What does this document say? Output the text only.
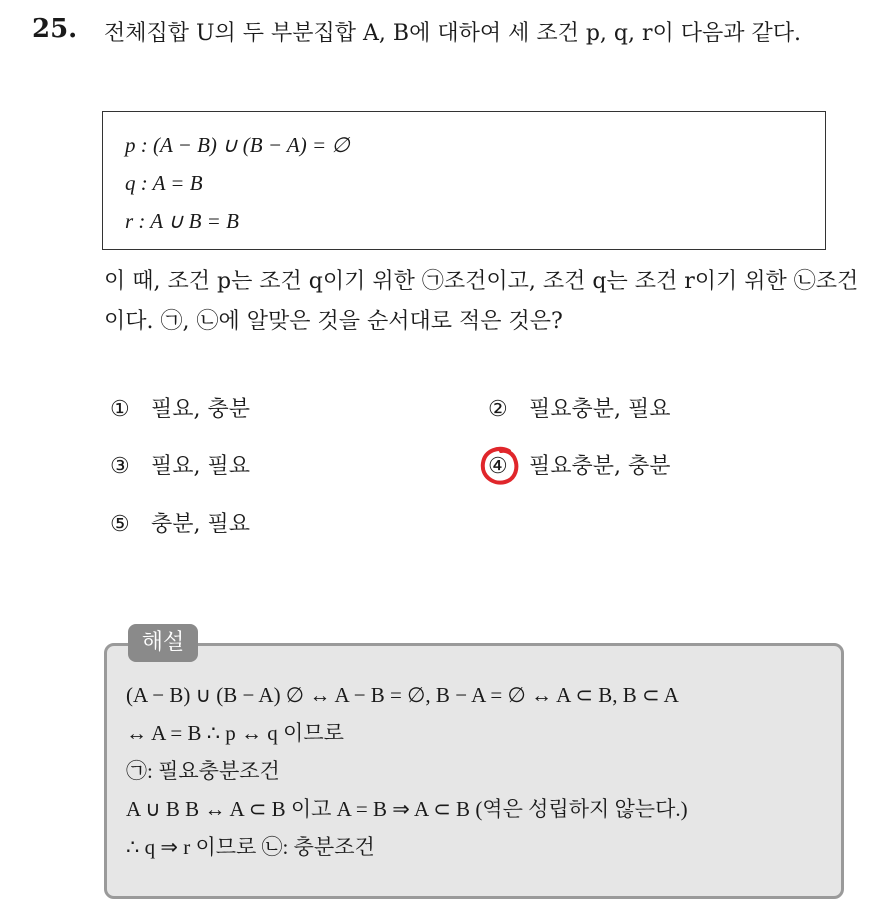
25. 전체집합 U의 두 부분집합 A, B에 대하여 세 조건 p, q, r이 다음과 같다.
p : (A − B) ∪ (B − A) = ∅
q : A = B
r : A ∪ B = B
이 때, 조건 p는 조건 q이기 위한 ㉠조건이고, 조건 q는 조건 r이기 위한 ㉡조건이다. ㉠, ㉡에 알맞은 것을 순서대로 적은 것은?
① 필요, 충분	② 필요충분, 필요
③ 필요, 필요	④ 필요충분, 충분
⑤ 충분, 필요
해설
(A − B) ∪ (B − A) ∅ ↔ A − B = ∅, B − A = ∅ ↔ A ⊂ B, B ⊂ A
↔ A = B ∴ p ↔ q 이므로
㉠: 필요충분조건
A ∪ B B ↔ A ⊂ B 이고 A = B ⇒ A ⊂ B (역은 성립하지 않는다.)
∴ q ⇒ r 이므로 ㉡: 충분조건
